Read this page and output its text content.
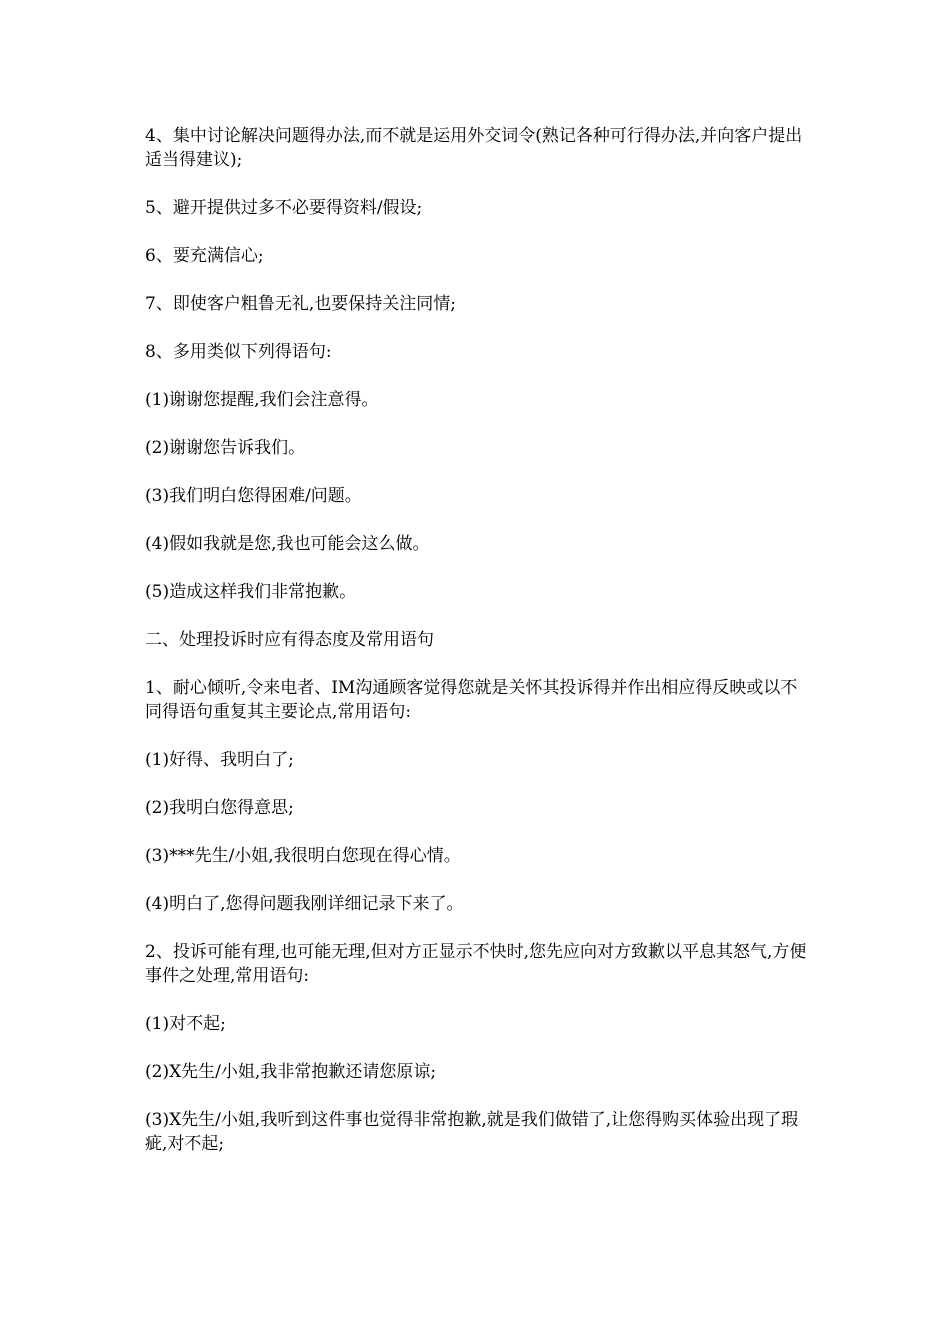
4、集中讨论解决问题得办法,而不就是运用外交词令(熟记各种可行得办法,并向客户提出适当得建议);

5、避开提供过多不必要得资料/假设;

6、要充满信心;

7、即使客户粗鲁无礼,也要保持关注同情;

8、多用类似下列得语句:

(1)谢谢您提醒,我们会注意得。

(2)谢谢您告诉我们。

(3)我们明白您得困难/问题。

(4)假如我就是您,我也可能会这么做。

(5)造成这样我们非常抱歉。

二、处理投诉时应有得态度及常用语句

1、耐心倾听,令来电者、IM沟通顾客觉得您就是关怀其投诉得并作出相应得反映或以不同得语句重复其主要论点,常用语句:

(1)好得、我明白了;

(2)我明白您得意思;

(3)***先生/小姐,我很明白您现在得心情。

(4)明白了,您得问题我刚详细记录下来了。

2、投诉可能有理,也可能无理,但对方正显示不快时,您先应向对方致歉以平息其怒气,方便事件之处理,常用语句:

(1)对不起;

(2)X先生/小姐,我非常抱歉还请您原谅;

(3)X先生/小姐,我听到这件事也觉得非常抱歉,就是我们做错了,让您得购买体验出现了瑕疵,对不起;
